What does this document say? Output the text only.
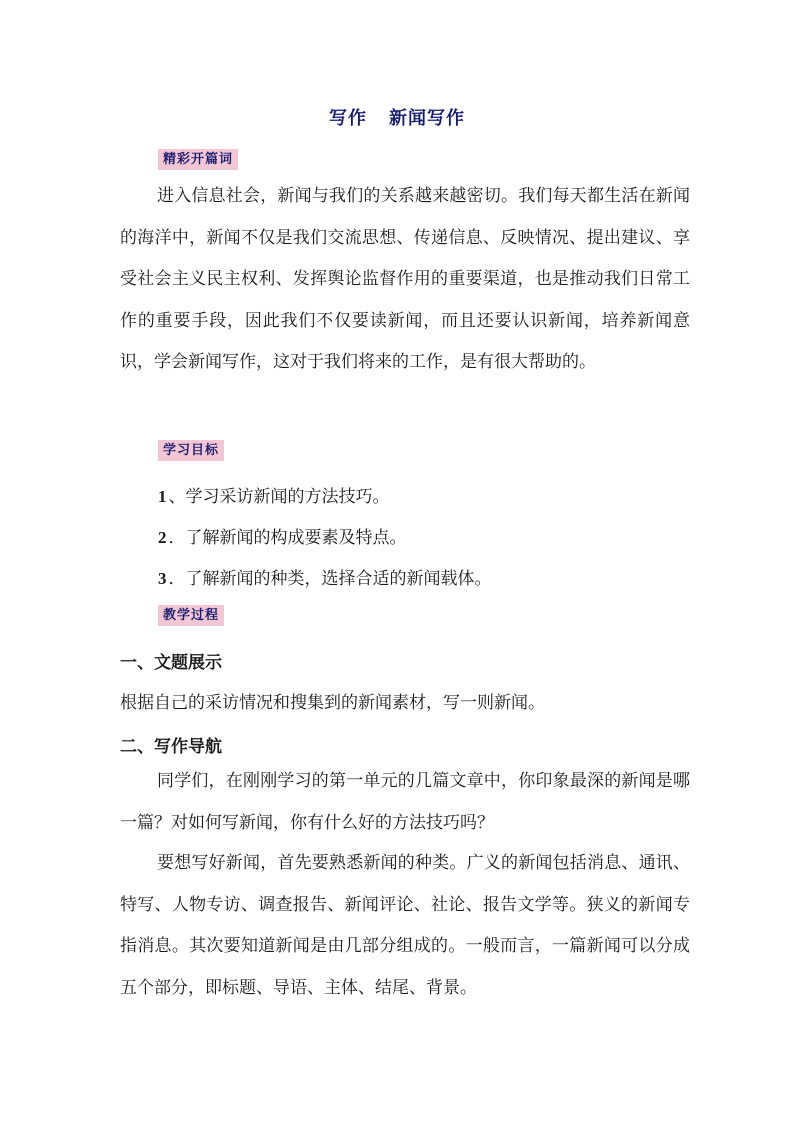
写作 新闻写作
精彩开篇词

进入信息社会，新闻与我们的关系越来越密切。我们每天都生活在新闻的海洋中，新闻不仅是我们交流思想、传递信息、反映情况、提出建议、享受社会主义民主权利、发挥舆论监督作用的重要渠道，也是推动我们日常工作的重要手段，因此我们不仅要读新闻，而且还要认识新闻，培养新闻意识，学会新闻写作，这对于我们将来的工作，是有很大帮助的。

学习目标
1 、学习采访新闻的方法技巧。
2 ．了解新闻的构成要素及特点。
3 ．了解新闻的种类，选择合适的新闻载体。
教学过程
一、文题展示
根据自己的采访情况和搜集到的新闻素材，写一则新闻。
二、写作导航

同学们，在刚刚学习的第一单元的几篇文章中，你印象最深的新闻是哪一篇？对如何写新闻，你有什么好的方法技巧吗？

要想写好新闻，首先要熟悉新闻的种类。广义的新闻包括消息、通讯、特写、人物专访、调查报告、新闻评论、社论、报告文学等。狭义的新闻专指消息。其次要知道新闻是由几部分组成的。一般而言，一篇新闻可以分成五个部分，即标题、导语、主体、结尾、背景。
